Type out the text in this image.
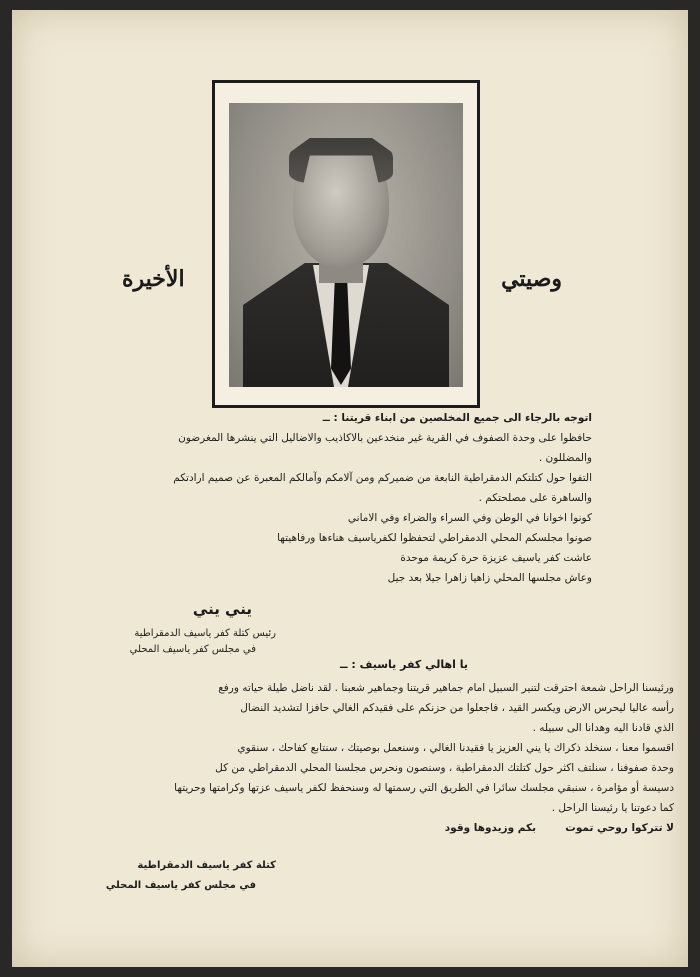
وصيتي
الأخيرة
اتوجه بالرجاء الى جميع المخلصين من ابناء قريتنا : ــ
حافظوا على وحدة الصفوف في القرية غير منخدعين بالاكاذيب والاضاليل التي ينشرها المغرضون
والمضللون .
التفوا حول كتلتكم الدمقراطية النابعة من ضميركم ومن آلامكم وآمالكم المعبرة عن صميم ارادتكم
والساهرة على مصلحتكم .
كونوا اخوانا في الوطن وفي السراء والضراء وفي الاماني
صونوا مجلسكم المحلي الدمقراطي لتحفظوا لكفرياسيف هناءها ورفاهيتها
عاشت كفر ياسيف عزيزة حرة كريمة موحدة
وعاش مجلسها المحلي زاهيا زاهرا جيلا بعد جيل
يني يني
رئيس كتلة كفر ياسيف الدمقراطية
في مجلس كفر ياسيف المحلي
يا اهالي كفر ياسيف : ــ
ورئيسنا الراحل شمعة احترقت لتنير السبيل امام جماهير قريتنا وجماهير شعبنا . لقد ناضل طيلة حياته ورفع
رأسه عاليا ليحرس الارض ويكسر القيد ، فاجعلوا من حزنكم على فقيدكم الغالي حافزا لتشديد النضال
الذي قادنا اليه وهدانا الى سبيله .
اقسموا معنا ، سنخلد ذكراك يا يني العزيز يا فقيدنا الغالي ، وسنعمل بوصيتك ، سنتابع كفاحك ، سنقوي
وحدة صفوفنا ، سنلتف اكثر حول كتلتك الدمقراطية ، وسنصون ونحرس مجلسنا المحلي الدمقراطي من كل
دسيسة أو مؤامرة ، سنبقي مجلسك سائرا في الطريق التي رسمتها له وسنحفظ لكفر ياسيف عزتها وكرامتها وحريتها
كما دعوتنا يا رئيسنا الراحل .
لا تتركوا روحي تموت        بكم وزيدوها وقود
كتلة كفر ياسيف الدمقراطية
في مجلس كفر ياسيف المحلي
